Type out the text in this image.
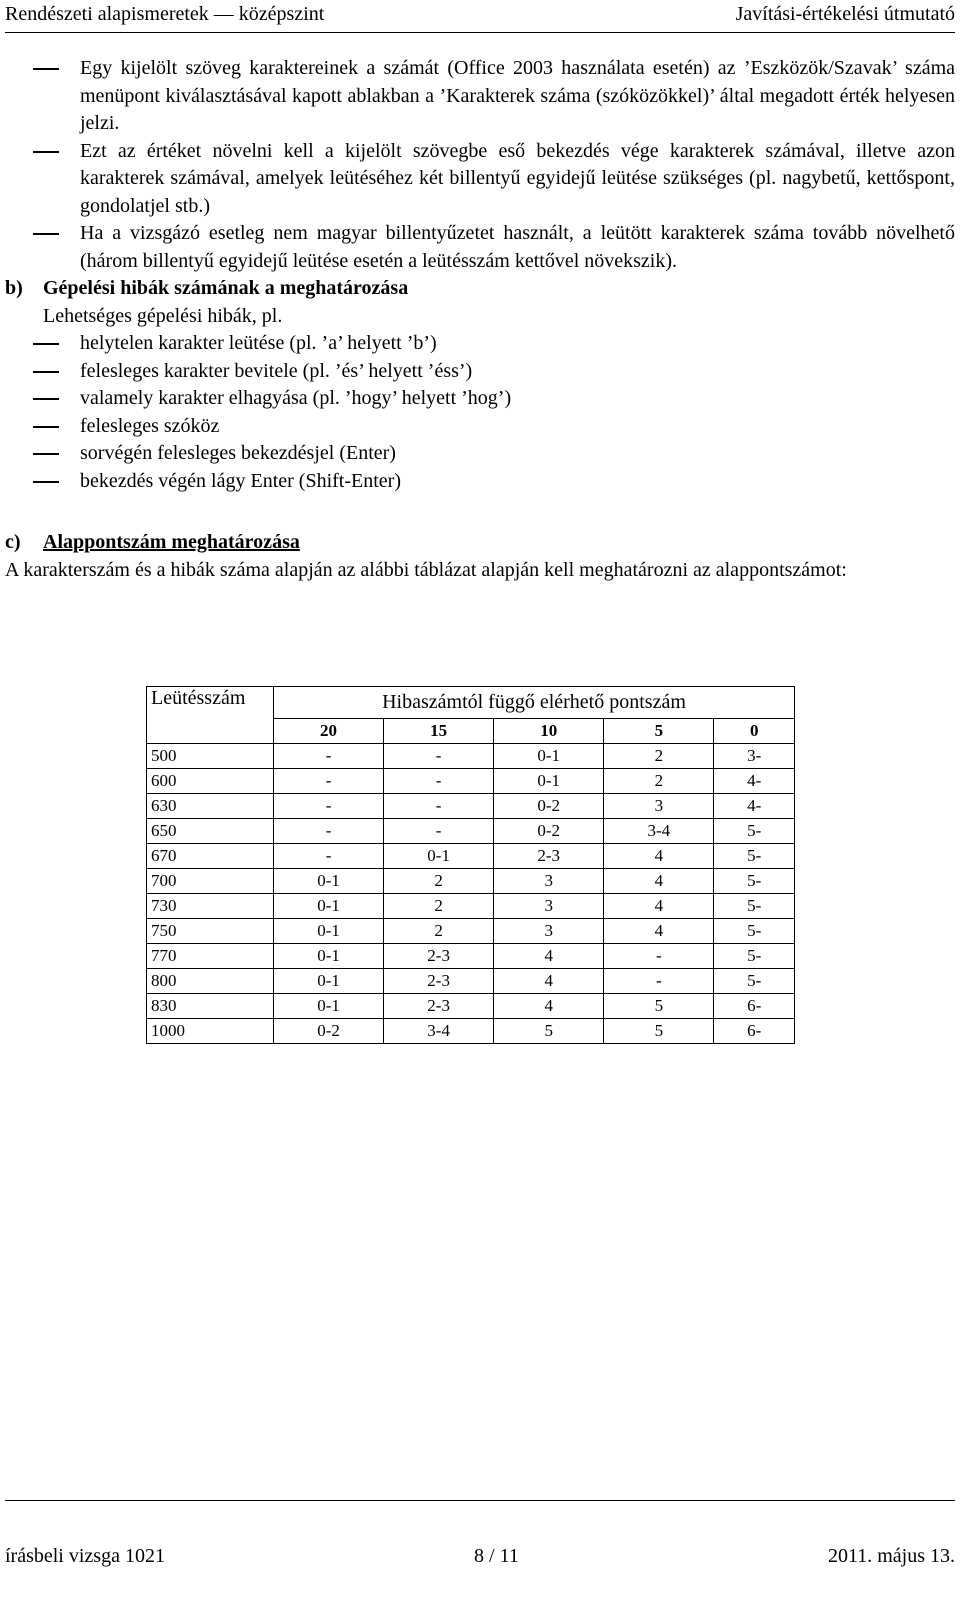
Rendészeti alapismeretek — középszint	Javítási-értékelési útmutató
Egy kijelölt szöveg karaktereinek a számát (Office 2003 használata esetén) az ’Eszközök/Szavak’ száma menüpont kiválasztásával kapott ablakban a ’Karakterek száma (szóközökkel)’ által megadott érték helyesen jelzi.
Ezt az értéket növelni kell a kijelölt szövegbe eső bekezdés vége karakterek számával, illetve azon karakterek számával, amelyek leütéséhez két billentyű egyidejű leütése szükséges (pl. nagybetű, kettőspont, gondolatjel stb.)
Ha a vizsgázó esetleg nem magyar billentyűzetet használt, a leütött karakterek száma tovább növelhető (három billentyű egyidejű leütése esetén a leütésszám kettővel növekszik).
b)	Gépelési hibák számának a meghatározása
Lehetséges gépelési hibák, pl.
helytelen karakter leütése (pl. ’a’ helyett ’b’)
felesleges karakter bevitele (pl. ’és’ helyett ’éss’)
valamely karakter elhagyása (pl. ’hogy’ helyett ’hog’)
felesleges szóköz
sorvégén felesleges bekezdésjel (Enter)
bekezdés végén lágy Enter (Shift-Enter)
c)	Alappontszám meghatározása
A karakterszám és a hibák száma alapján az alábbi táblázat alapján kell meghatározni az alappontszámot:
Leütésszám	Hibaszámtól függő elérhető pontszám				
	20	15	10	5	0
500	-	-	0-1	2	3-
600	-	-	0-1	2	4-
630	-	-	0-2	3	4-
650	-	-	0-2	3-4	5-
670	-	0-1	2-3	4	5-
700	0-1	2	3	4	5-
730	0-1	2	3	4	5-
750	0-1	2	3	4	5-
770	0-1	2-3	4	-	5-
800	0-1	2-3	4	-	5-
830	0-1	2-3	4	5	6-
1000	0-2	3-4	5	5	6-
írásbeli vizsga 1021	8 / 11	2011. május 13.
